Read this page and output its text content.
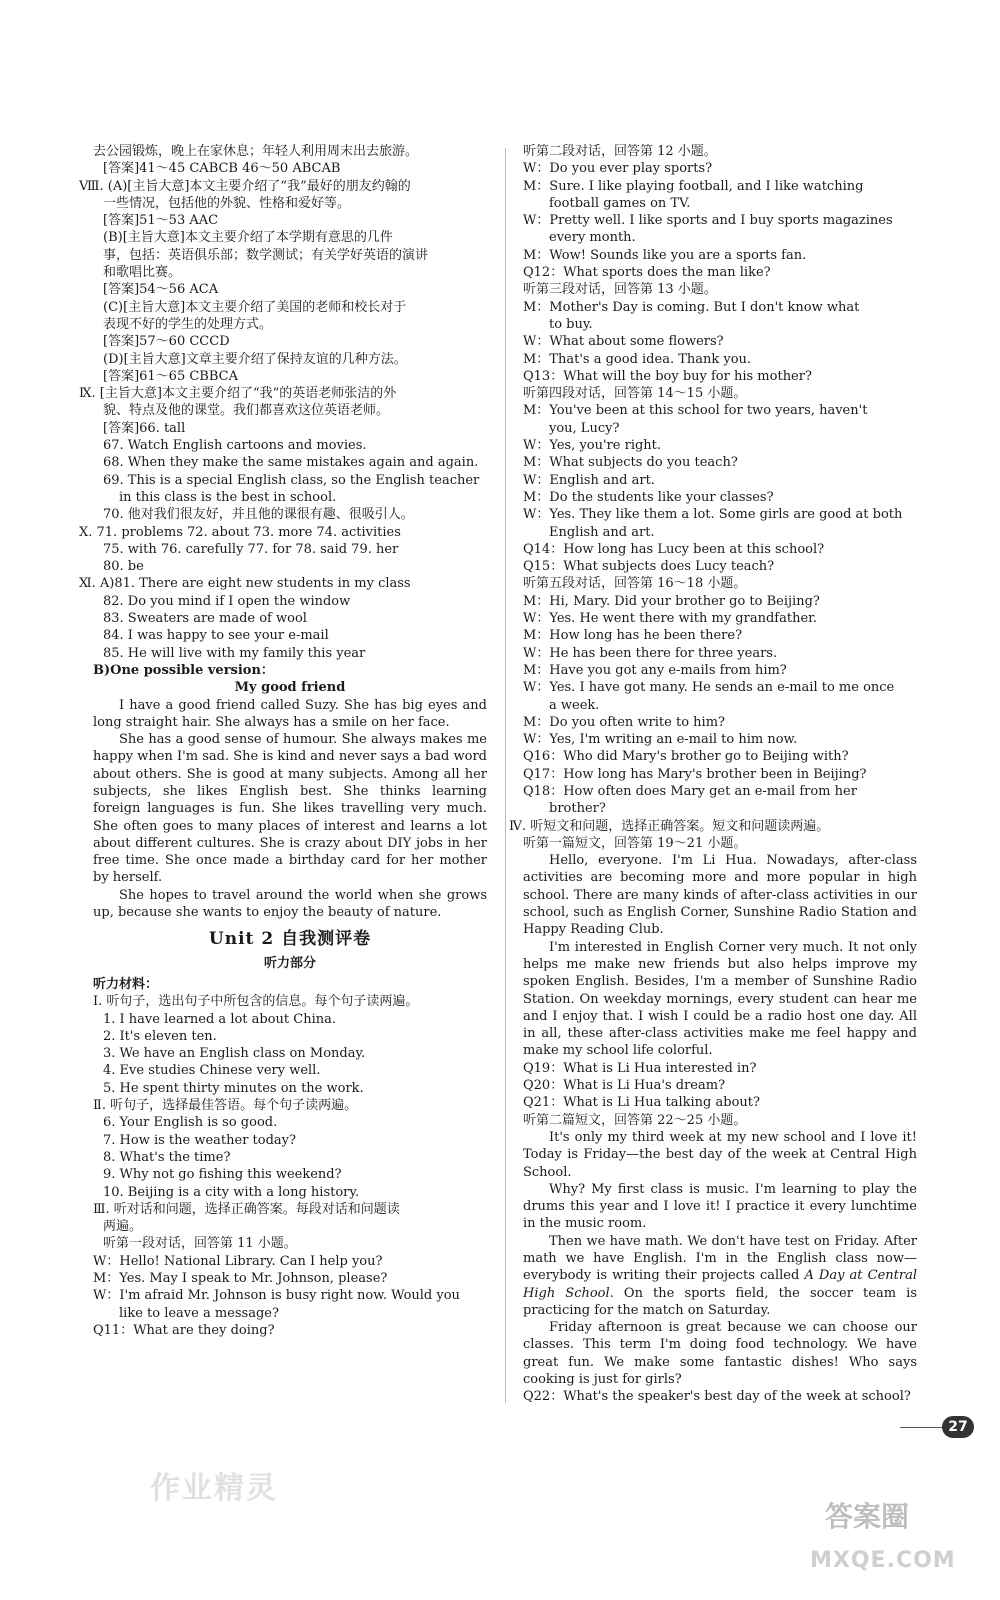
去公园锻炼，晚上在家休息；年轻人利用周末出去旅游。
[答案]41～45 CABCB 46～50 ABCAB
Ⅷ. (A)[主旨大意]本文主要介绍了“我”最好的朋友约翰的
一些情况，包括他的外貌、性格和爱好等。
[答案]51～53 AAC
(B)[主旨大意]本文主要介绍了本学期有意思的几件
事，包括：英语俱乐部；数学测试；有关学好英语的演讲
和歌唱比赛。
[答案]54～56 ACA
(C)[主旨大意]本文主要介绍了美国的老师和校长对于
表现不好的学生的处理方式。
[答案]57～60 CCCD
(D)[主旨大意]文章主要介绍了保持友谊的几种方法。
[答案]61～65 CBBCA
Ⅸ. [主旨大意]本文主要介绍了“我”的英语老师张洁的外
貌、特点及他的课堂。我们都喜欢这位英语老师。
[答案]66. tall
67. Watch English cartoons and movies.
68. When they make the same mistakes again and again.
69. This is a special English class, so the English teacher
in this class is the best in school.
70. 他对我们很友好，并且他的课很有趣、很吸引人。
Ⅹ. 71. problems 72. about 73. more 74. activities
75. with 76. carefully 77. for 78. said 79. her
80. be
Ⅺ. A)81. There are eight new students in my class
82. Do you mind if I open the window
83. Sweaters are made of wool
84. I was happy to see your e-mail
85. He will live with my family this year
B)One possible version：
My good friend
I have a good friend called Suzy. She has big eyes and long straight hair. She always has a smile on her face.
She has a good sense of humour. She always makes me happy when I'm sad. She is kind and never says a bad word about others. She is good at many subjects. Among all her subjects, she likes English best. She thinks learning foreign languages is fun. She likes travelling very much. She often goes to many places of interest and learns a lot about different cultures. She is crazy about DIY jobs in her free time. She once made a birthday card for her mother by herself.
She hopes to travel around the world when she grows up, because she wants to enjoy the beauty of nature.
Unit 2 自我测评卷
听力部分
听力材料：
Ⅰ. 听句子，选出句子中所包含的信息。每个句子读两遍。
1. I have learned a lot about China.
2. It's eleven ten.
3. We have an English class on Monday.
4. Eve studies Chinese very well.
5. He spent thirty minutes on the work.
Ⅱ. 听句子，选择最佳答语。每个句子读两遍。
6. Your English is so good.
7. How is the weather today?
8. What's the time?
9. Why not go fishing this weekend?
10. Beijing is a city with a long history.
Ⅲ. 听对话和问题，选择正确答案。每段对话和问题读
两遍。
听第一段对话，回答第 11 小题。
W：Hello! National Library. Can I help you?
M：Yes. May I speak to Mr. Johnson, please?
W：I'm afraid Mr. Johnson is busy right now. Would you
like to leave a message?
Q11：What are they doing?
听第二段对话，回答第 12 小题。
W：Do you ever play sports?
M：Sure. I like playing football, and I like watching
football games on TV.
W：Pretty well. I like sports and I buy sports magazines
every month.
M：Wow! Sounds like you are a sports fan.
Q12：What sports does the man like?
听第三段对话，回答第 13 小题。
M：Mother's Day is coming. But I don't know what
to buy.
W：What about some flowers?
M：That's a good idea. Thank you.
Q13：What will the boy buy for his mother?
听第四段对话，回答第 14～15 小题。
M：You've been at this school for two years, haven't
you, Lucy?
W：Yes, you're right.
M：What subjects do you teach?
W：English and art.
M：Do the students like your classes?
W：Yes. They like them a lot. Some girls are good at both
English and art.
Q14：How long has Lucy been at this school?
Q15：What subjects does Lucy teach?
听第五段对话，回答第 16～18 小题。
M：Hi, Mary. Did your brother go to Beijing?
W：Yes. He went there with my grandfather.
M：How long has he been there?
W：He has been there for three years.
M：Have you got any e-mails from him?
W：Yes. I have got many. He sends an e-mail to me once
a week.
M：Do you often write to him?
W：Yes, I'm writing an e-mail to him now.
Q16：Who did Mary's brother go to Beijing with?
Q17：How long has Mary's brother been in Beijing?
Q18：How often does Mary get an e-mail from her
brother?
Ⅳ. 听短文和问题，选择正确答案。短文和问题读两遍。
听第一篇短文，回答第 19～21 小题。
Hello, everyone. I'm Li Hua. Nowadays, after-class activities are becoming more and more popular in high school. There are many kinds of after-class activities in our school, such as English Corner, Sunshine Radio Station and Happy Reading Club.
I'm interested in English Corner very much. It not only helps me make new friends but also helps improve my spoken English. Besides, I'm a member of Sunshine Radio Station. On weekday mornings, every student can hear me and I enjoy that. I wish I could be a radio host one day. All in all, these after-class activities make me feel happy and make my school life colorful.
Q19：What is Li Hua interested in?
Q20：What is Li Hua's dream?
Q21：What is Li Hua talking about?
听第二篇短文，回答第 22～25 小题。
It's only my third week at my new school and I love it! Today is Friday—the best day of the week at Central High School.
Why? My first class is music. I'm learning to play the drums this year and I love it! I practice it every lunchtime in the music room.
Then we have math. We don't have test on Friday. After math we have English. I'm in the English class now—everybody is writing their projects called A Day at Central High School. On the sports field, the soccer team is practicing for the match on Saturday.
Friday afternoon is great because we can choose our classes. This term I'm doing food technology. We have great fun. We make some fantastic dishes! Who says cooking is just for girls?
Q22：What's the speaker's best day of the week at school?
27
作业精灵
答案圈
MXQE.COM
